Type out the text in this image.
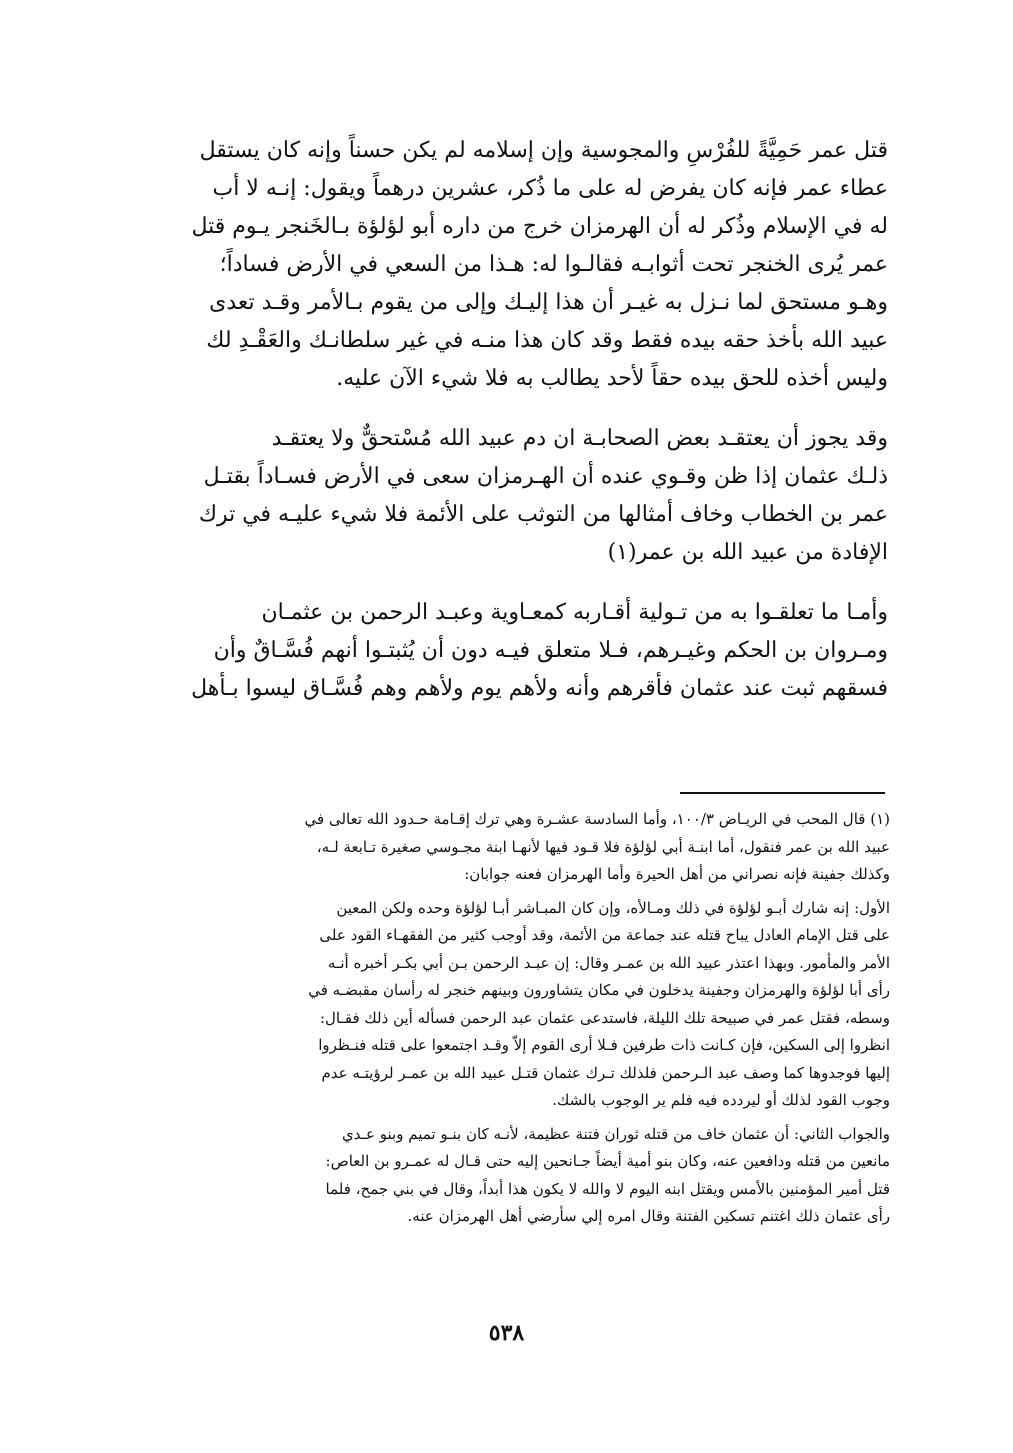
قتل عمر حَمِيَّةً للفُرْسِ والمجوسية وإن إسلامه لم يكن حسناً وإنه كان يستقل
عطاء عمر فإنه كان يفرض له على ما ذُكر، عشرين درهماً ويقول: إنـه لا أب
له في الإسلام وذُكر له أن الهرمزان خرج من داره أبو لؤلؤة بـالخَنجر يـوم قتل
عمر يُرى الخنجر تحت أثوابـه فقالـوا له: هـذا من السعي في الأرض فساداً؛
وهـو مستحق لما نـزل به غيـر أن هذا إليـك وإلى من يقوم بـالأمر وقـد تعدى
عبيد الله بأخذ حقه بيده فقط وقد كان هذا منـه في غير سلطانـك والعَقْـدِ لك
وليس أخذه للحق بيده حقاً لأحد يطالب به فلا شيء الآن عليه.
وقد يجوز أن يعتقـد بعض الصحابـة ان دم عبيد الله مُسْتحقٌّ ولا يعتقـد
ذلـك عثمان إذا ظن وقـوي عنده أن الهـرمزان سعى في الأرض فسـاداً بقتـل
عمر بن الخطاب وخاف أمثالها من التوثب على الأئمة فلا شيء عليـه في ترك
الإفادة من عبيد الله بن عمر(١)
وأمـا ما تعلقـوا به من تـولية أقـاربه كمعـاوية وعبـد الرحمن بن عثمـان
ومـروان بن الحكم وغيـرهم، فـلا متعلق فيـه دون أن يُثبتـوا أنهم فُسَّـاقٌ وأن
فسقهم ثبت عند عثمان فأقرهم وأنه ولأهم يوم ولأهم وهم فُسَّـاق ليسوا بـأهل
(١) قال المحب في الريـاض ١٠٠/٣، وأما السادسة عشـرة وهي ترك إقـامة حـدود الله تعالى في
عبيد الله بن عمر فنقول، أما ابنـة أبي لؤلؤة فلا قـود فيها لأنهـا ابنة مجـوسي صغيرة تـابعة لـه،
وكذلك جفينة فإنه نصراني من أهل الحيرة وأما الهرمزان فعنه جوابان:
الأول: إنه شارك أبـو لؤلؤة في ذلك ومـالأه، وإن كان المبـاشر أبـا لؤلؤة وحده ولكن المعين
على قتل الإمام العادل يباح قتله عند جماعة من الأئمة، وقد أوجب كثير من الفقهـاء القود على
الأمر والمأمور. وبهذا اعتذر عبيد الله بن عمـر وقال: إن عبـد الرحمن بـن أبي بكـر أخبره أنـه
رأى أبا لؤلؤة والهرمزان وجفينة يدخلون في مكان يتشاورون وبينهم خنجر له رأسان مقبضـه في
وسطه، فقتل عمر في صبيحة تلك الليلة، فاستدعى عثمان عبد الرحمن فسأله أين ذلك فقـال:
انظروا إلى السكين، فإن كـانت ذات طرفين فـلا أرى القوم إلاّ وقـد اجتمعوا على قتله فنـظروا
إليها فوجدوها كما وصف عبد الـرحمن فلذلك تـرك عثمان قتـل عبيد الله بن عمـر لرؤيتـه عدم
وجوب القود لذلك أو ليردده فيه فلم ير الوجوب بالشك.
والجواب الثاني: أن عثمان خاف من قتله ثوران فتنة عظيمة، لأنـه كان بنـو تميم وبنو عـدي
مانعين من قتله ودافعين عنه، وكان بنو أمية أيضاً جـانحين إليه حتى قـال له عمـرو بن العاص:
قتل أمير المؤمنين بالأمس ويقتل ابنه اليوم لا والله لا يكون هذا أبداً، وقال في بني جمح، فلما
رأى عثمان ذلك اغتنم تسكين الفتنة وقال امره إلي سأرضي أهل الهرمزان عنه.
٥٣٨
